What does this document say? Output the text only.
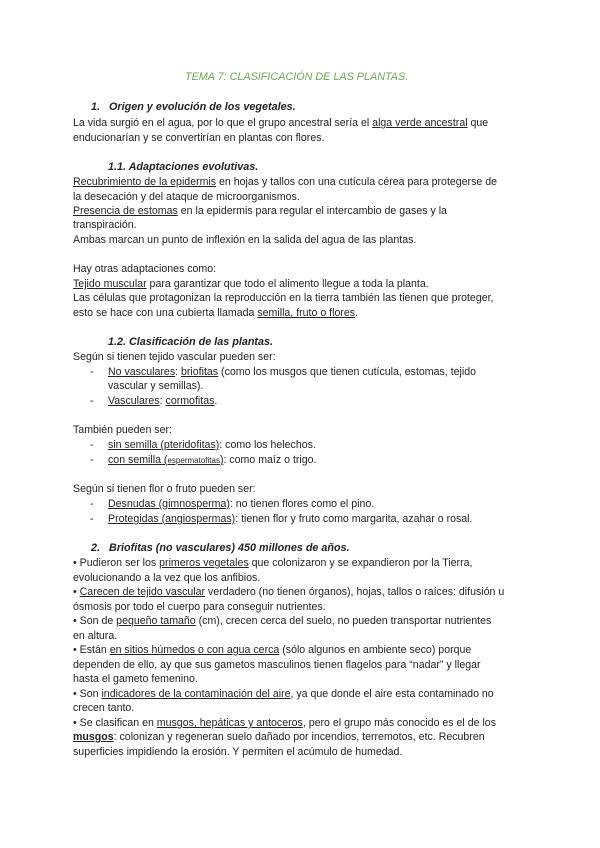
TEMA 7: CLASIFICACIÓN DE LAS PLANTAS.
1. Origen y evolución de los vegetales.
La vida surgió en el agua, por lo que el grupo ancestral sería el alga verde ancestral que
enducionarían y se convertirían en plantas con flores.
1.1. Adaptaciones evolutivas.
Recubrimiento de la epidermis en hojas y tallos con una cutícula cérea para protegerse de
la desecación y del ataque de microorganismos.
Presencia de estomas en la epidermis para regular el intercambio de gases y la
transpiración.
Ambas marcan un punto de inflexión en la salida del agua de las plantas.
Hay otras adaptaciones como:
Tejido muscular para garantizar que todo el alimento llegue a toda la planta.
Las células que protagonizan la reproducción en la tierra también las tienen que proteger,
esto se hace con una cubierta llamada semilla, fruto o flores.
1.2. Clasificación de las plantas.
Según si tienen tejido vascular pueden ser:
- No vasculares: briofitas (como los musgos que tienen cutícula, estomas, tejido
vascular y semillas).
- Vasculares: cormofitas.
También pueden ser:
- sin semilla (pteridofitas): como los helechos.
- con semilla (espermatofitas): como maíz o trigo.
Según si tienen flor o fruto pueden ser:
- Desnudas (gimnosperma): no tienen flores como el pino.
- Protegidas (angiospermas): tienen flor y fruto como margarita, azahar o rosal.
2. Briofitas (no vasculares) 450 millones de años.
• Pudieron ser los primeros vegetales que colonizaron y se expandieron por la Tierra,
evolucionando a la vez que los anfibios.
• Carecen de tejido vascular verdadero (no tienen órganos), hojas, tallos o raíces: difusión u
ósmosis por todo el cuerpo para conseguir nutrientes.
• Son de pequeño tamaño (cm), crecen cerca del suelo, no pueden transportar nutrientes
en altura.
• Están en sitios húmedos o con agua cerca (sólo algunos en ambiente seco) porque
dependen de ello, ay que sus gametos masculinos tienen flagelos para “nadar” y llegar
hasta el gameto femenino.
• Son indicadores de la contaminación del aire, ya que donde el aire esta contaminado no
crecen tanto.
• Se clasifican en musgos, hepáticas y antoceros, pero el grupo más conocido es el de los
musgos: colonizan y regeneran suelo dañado por incendios, terremotos, etc. Recubren
superficies impidiendo la erosión. Y permiten el acúmulo de humedad.
